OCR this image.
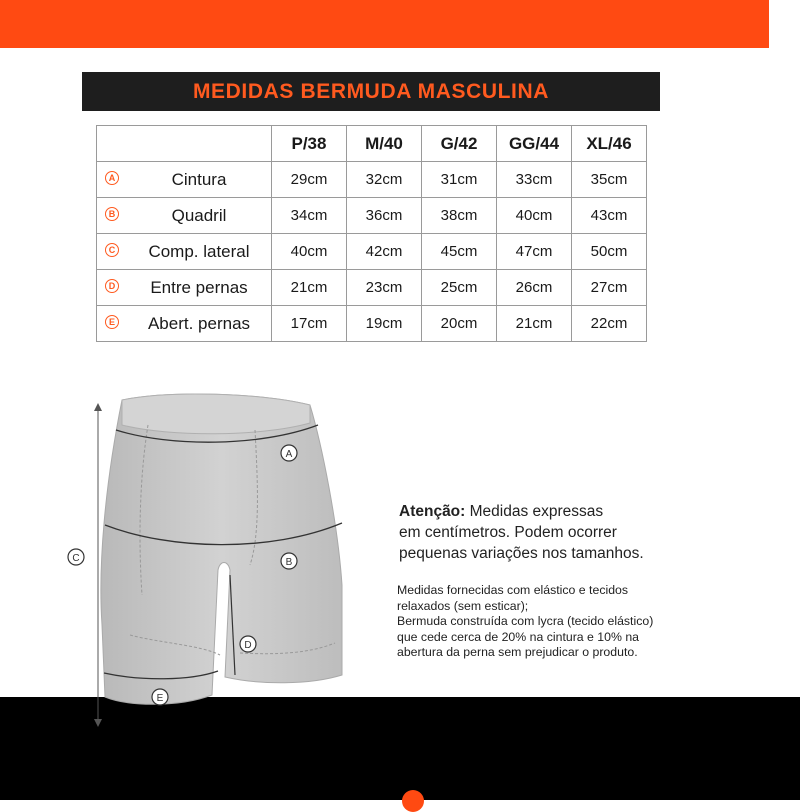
MEDIDAS BERMUDA MASCULINA
	P/38	M/40	G/42	GG/44	XL/46

A Cintura	29cm	32cm	31cm	33cm	35cm

B Quadril	34cm	36cm	38cm	40cm	43cm

C Comp. lateral	40cm	42cm	45cm	47cm	50cm

D Entre pernas	21cm	23cm	25cm	26cm	27cm

E Abert. pernas	17cm	19cm	20cm	21cm	22cm
A
B
D
E
C
Atenção: Medidas expressas
em centímetros. Podem ocorrer
pequenas variações nos tamanhos.
Medidas fornecidas com elástico e tecidos
relaxados (sem esticar);
Bermuda construída com lycra (tecido elástico)
que cede cerca de 20% na cintura e 10% na
abertura da perna sem prejudicar o produto.
